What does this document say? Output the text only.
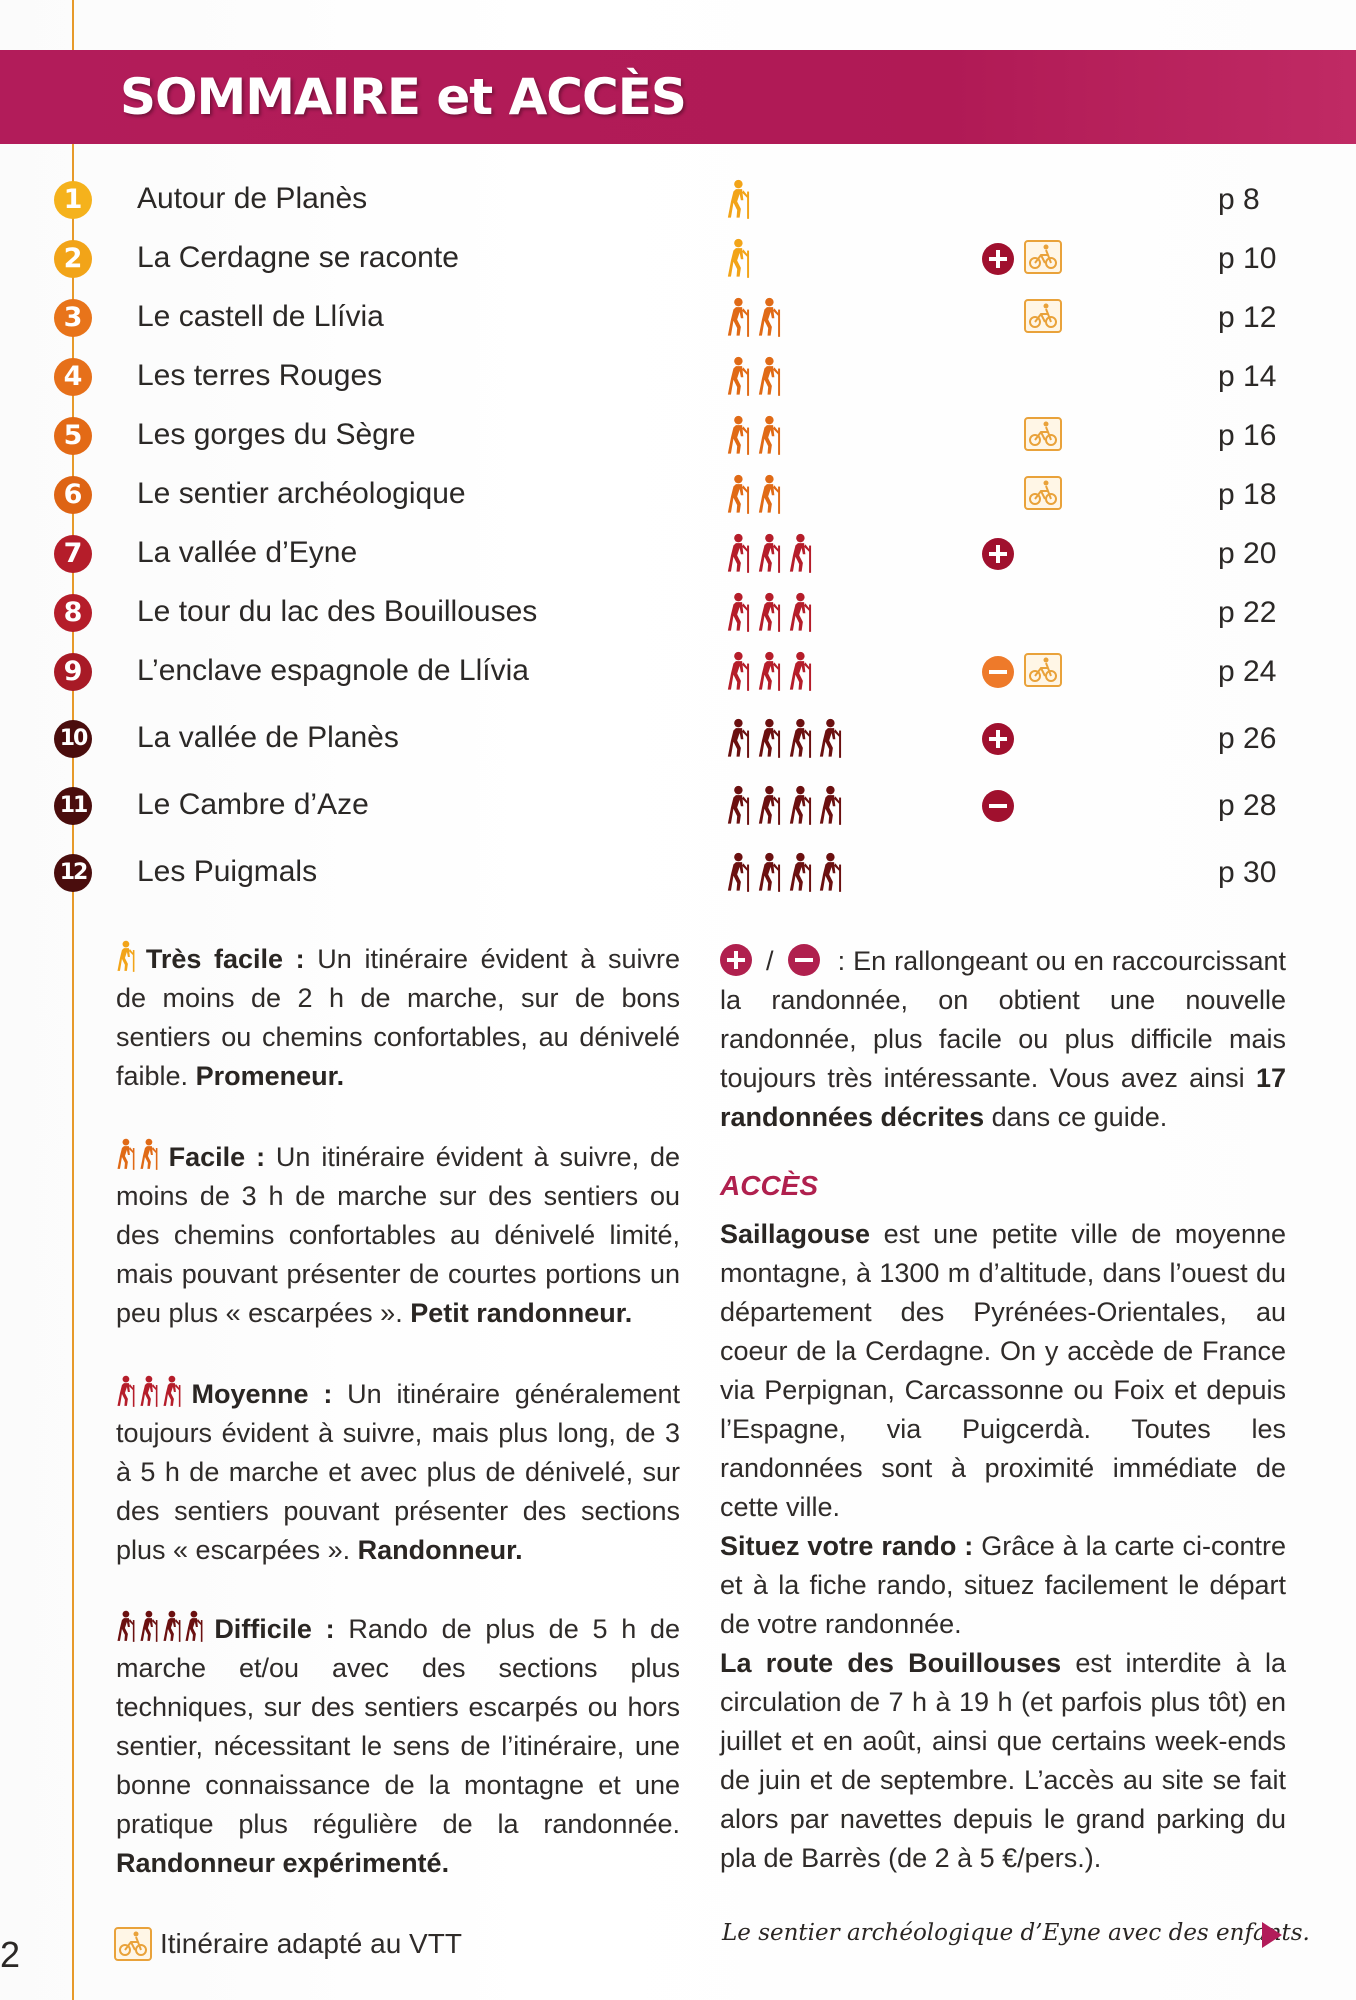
SOMMAIRE et ACCÈS
1	Autour de Planès	p 8
2	La Cerdagne se raconte	p 10
3	Le castell de Llívia	p 12
4	Les terres Rouges	p 14
5	Les gorges du Sègre	p 16
6	Le sentier archéologique	p 18
7	La vallée d’Eyne	p 20
8	Le tour du lac des Bouillouses	p 22
9	L’enclave espagnole de Llívia	p 24
10 La vallée de Planès	p 26
11 Le Cambre d’Aze	p 28
12 Les Puigmals	p 30
Très facile : Un itinéraire évident à suivre de moins de 2 h de marche, sur de bons sentiers ou chemins confortables, au dénivelé faible. Promeneur.
Facile : Un itinéraire évident à suivre, de moins de 3 h de marche sur des sentiers ou des chemins confortables au dénivelé limité, mais pouvant présenter de courtes portions un peu plus « escarpées ». Petit randonneur.
Moyenne : Un itinéraire généralement toujours évident à suivre, mais plus long, de 3 à 5 h de marche et avec plus de dénivelé, sur des sentiers pouvant présenter des sections plus « escarpées ». Randonneur.
Difficile : Rando de plus de 5 h de marche et/ou avec des sections plus techniques, sur des sentiers escarpés ou hors sentier, nécessitant le sens de l’itinéraire, une bonne connaissance de la montagne et une pratique plus régulière de la randonnée. Randonneur expérimenté.
/ : En rallongeant ou en raccourcissant la randonnée, on obtient une nouvelle randonnée, plus facile ou plus difficile mais toujours très intéressante. Vous avez ainsi 17 randonnées décrites dans ce guide.
ACCÈS
Saillagouse est une petite ville de moyenne montagne, à 1300 m d’altitude, dans l’ouest du département des Pyrénées-Orientales, au coeur de la Cerdagne. On y accède de France via Perpignan, Carcassonne ou Foix et depuis l’Espagne, via Puigcerdà. Toutes les randonnées sont à proximité immédiate de cette ville.
Situez votre rando : Grâce à la carte ci-contre et à la fiche rando, situez facilement le départ de votre randonnée.
La route des Bouillouses est interdite à la circulation de 7 h à 19 h (et parfois plus tôt) en juillet et en août, ainsi que certains week-ends de juin et de septembre. L’accès au site se fait alors par navettes depuis le grand parking du pla de Barrès (de 2 à 5 €/pers.).
Itinéraire adapté au VTT	Le sentier archéologique d’Eyne avec des enfants.
2
